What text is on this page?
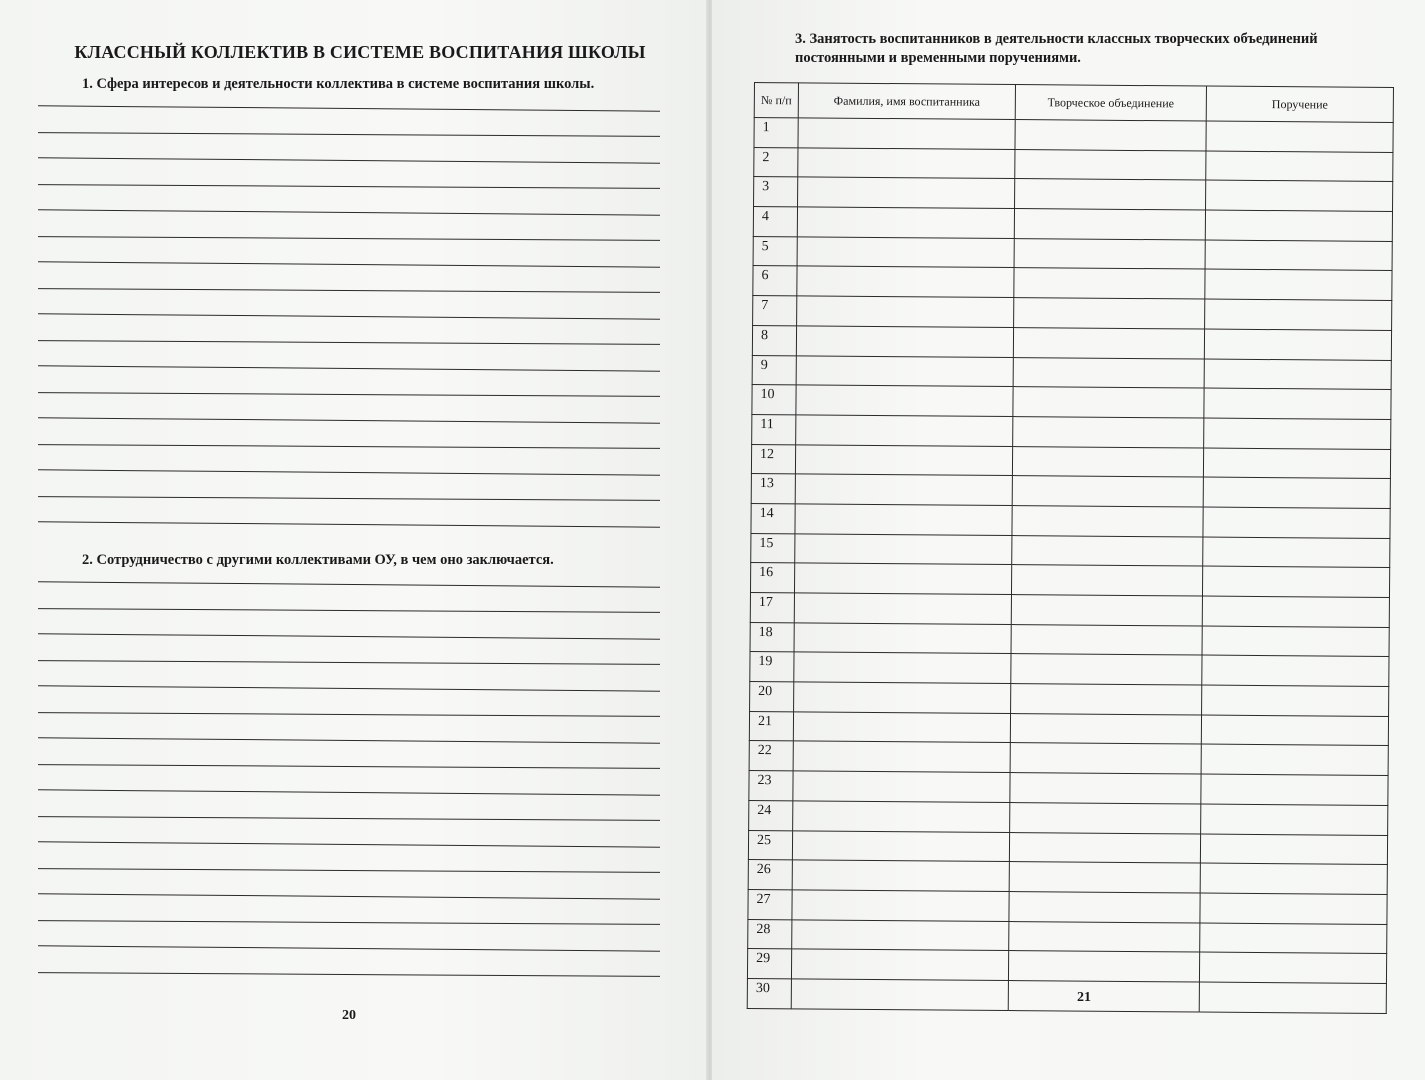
КЛАССНЫЙ КОЛЛЕКТИВ В СИСТЕМЕ ВОСПИТАНИЯ ШКОЛЫ
1. Сфера интересов и деятельности коллектива в системе воспитания школы.
2. Сотрудничество с другими коллективами ОУ, в чем оно заключается.
20
21
3. Занятость воспитанников в деятельности классных творческих объединений постоянными и временными поручениями.
№ п/п	Фамилия, имя воспитанника	Творческое объединение	Поручение
1			
2			
3			
4			
5			
6			
7			
8			
9			
10			
11			
12			
13			
14			
15			
16			
17			
18			
19			
20			
21			
22			
23			
24			
25			
26			
27			
28			
29			
30			
